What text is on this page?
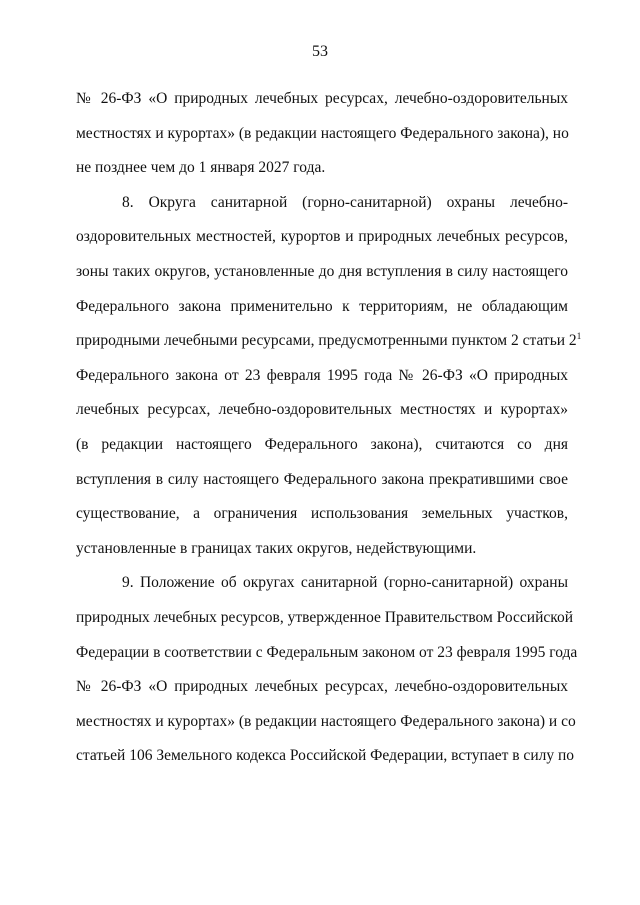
53
№ 26-ФЗ «О природных лечебных ресурсах, лечебно-оздоровительных
местностях и курортах» (в редакции настоящего Федерального закона), но
не позднее чем до 1 января 2027 года.
8. Округа санитарной (горно-санитарной) охраны лечебно-
оздоровительных местностей, курортов и природных лечебных ресурсов,
зоны таких округов, установленные до дня вступления в силу настоящего
Федерального закона применительно к территориям, не обладающим
природными лечебными ресурсами, предусмотренными пунктом 2 статьи $2^1$
Федерального закона от 23 февраля 1995 года № 26-ФЗ «О природных
лечебных ресурсах, лечебно-оздоровительных местностях и курортах»
(в редакции настоящего Федерального закона), считаются со дня
вступления в силу настоящего Федерального закона прекратившими свое
существование, а ограничения использования земельных участков,
установленные в границах таких округов, недействующими.
9. Положение об округах санитарной (горно-санитарной) охраны
природных лечебных ресурсов, утвержденное Правительством Российской
Федерации в соответствии с Федеральным законом от 23 февраля 1995 года
№ 26-ФЗ «О природных лечебных ресурсах, лечебно-оздоровительных
местностях и курортах» (в редакции настоящего Федерального закона) и со
статьей 106 Земельного кодекса Российской Федерации, вступает в силу по
